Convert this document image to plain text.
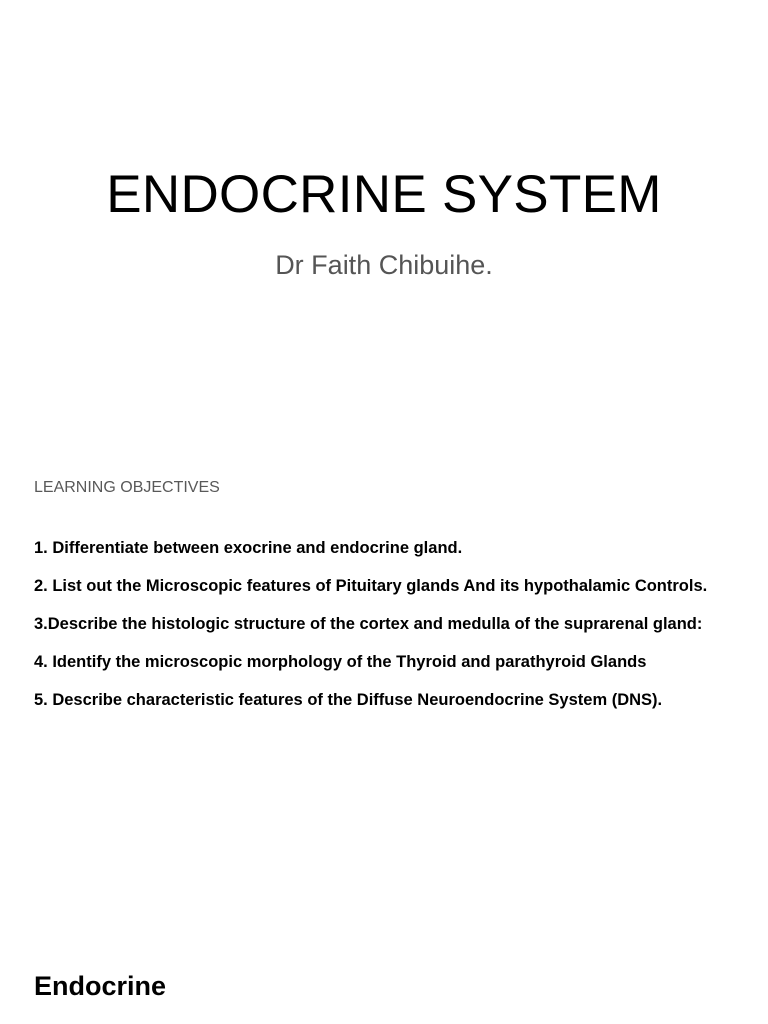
ENDOCRINE SYSTEM

Dr Faith Chibuihe.

LEARNING OBJECTIVES

1. Differentiate between exocrine and endocrine gland.
2. List out the Microscopic features of Pituitary glands And its hypothalamic Controls.
3.Describe the histologic structure of the cortex and medulla of the suprarenal gland:
4. Identify the microscopic morphology of the Thyroid and parathyroid Glands
5. Describe characteristic features of the Diffuse Neuroendocrine System (DNS).
Endocrine
